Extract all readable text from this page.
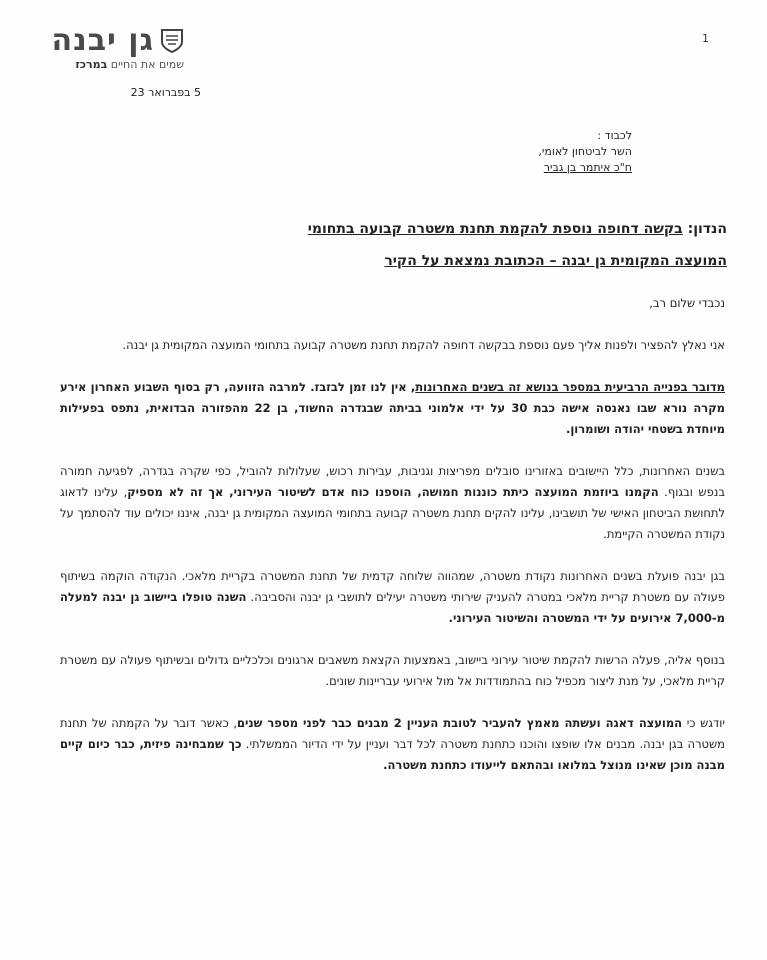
1
גן יבנה
שמים את החיים במרכז
5 בפברואר 23
לכבוד :
השר לביטחון לאומי,
ח"כ איתמר בן גביר
הנדון: בקשה דחופה נוספת להקמת תחנת משטרה קבועה בתחומי
המועצה המקומית גן יבנה – הכתובת נמצאת על הקיר

נכבדי שלום רב,

אני נאלץ להפציר ולפנות אליך פעם נוספת בבקשה דחופה להקמת תחנת משטרה קבועה בתחומי המועצה המקומית גן יבנה.

מדובר בפנייה הרביעית במספר בנושא זה בשנים האחרונות, אין לנו זמן לבזבז. למרבה הזוועה, רק בסוף השבוע האחרון אירע מקרה נורא שבו נאנסה אישה כבת 30 על ידי אלמוני בביתה שבגדרה החשוד, בן 22 מהפזורה הבדואית, נתפס בפעילות מיוחדת בשטחי יהודה ושומרון.

בשנים האחרונות, כלל היישובים באזורינו סובלים מפריצות וגניבות, עבירות רכוש, שעלולות להוביל, כפי שקרה בגדרה, לפגיעה חמורה בנפש ובגוף. הקמנו ביוזמת המועצה כיתת כוננות חמושה, הוספנו כוח אדם לשיטור העירוני, אך זה לא מספיק, עלינו לדאוג לתחושת הביטחון האישי של תושבינו, עלינו להקים תחנת משטרה קבועה בתחומי המועצה המקומית גן יבנה, איננו יכולים עוד להסתמך על נקודת המשטרה הקיימת.

בגן יבנה פועלת בשנים האחרונות נקודת משטרה, שמהווה שלוחה קדמית של תחנת המשטרה בקריית מלאכי. הנקודה הוקמה בשיתוף פעולה עם משטרת קריית מלאכי במטרה להעניק שירותי משטרה יעילים לתושבי גן יבנה והסביבה. השנה טופלו ביישוב גן יבנה למעלה מ-7,000 אירועים על ידי המשטרה והשיטור העירוני.

בנוסף אליה, פעלה הרשות להקמת שיטור עירוני ביישוב, באמצעות הקצאת משאבים ארגונים וכלכליים גדולים ובשיתוף פעולה עם משטרת קריית מלאכי, על מנת ליצור מכפיל כוח בהתמודדות אל מול אירועי עבריינות שונים.

יודגש כי המועצה דאגה ועשתה מאמץ להעביר לטובת העניין 2 מבנים כבר לפני מספר שנים, כאשר דובר על הקמתה של תחנת משטרה בגן יבנה. מבנים אלו שופצו והוכנו כתחנת משטרה לכל דבר ועניין על ידי הדיור הממשלתי. כך שמבחינה פיזית, כבר כיום קיים מבנה מוכן שאינו מנוצל במלואו ובהתאם לייעודו כתחנת משטרה.
